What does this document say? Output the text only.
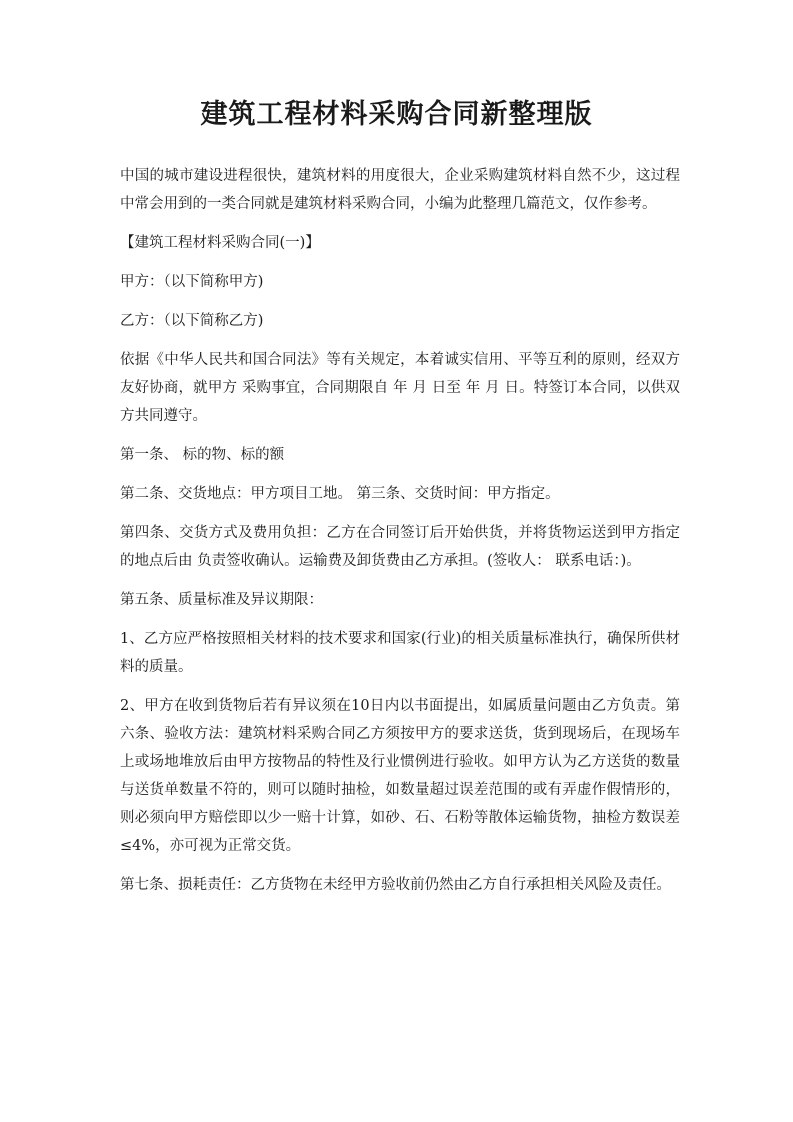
建筑工程材料采购合同新整理版

中国的城市建设进程很快，建筑材料的用度很大，企业采购建筑材料自然不少，这过程中常会用到的一类合同就是建筑材料采购合同，小编为此整理几篇范文，仅作参考。

【建筑工程材料采购合同(一)】

甲方：（以下简称甲方)

乙方：（以下简称乙方)

依据《中华人民共和国合同法》等有关规定，本着诚实信用、平等互利的原则，经双方友好协商，就甲方 采购事宜，合同期限自 年 月 日至 年 月 日。特签订本合同，以供双方共同遵守。

第一条、 标的物、标的额

第二条、交货地点：甲方项目工地。 第三条、交货时间：甲方指定。

第四条、交货方式及费用负担：乙方在合同签订后开始供货，并将货物运送到甲方指定的地点后由 负责签收确认。运输费及卸货费由乙方承担。(签收人： 联系电话：)。

第五条、质量标准及异议期限：

1、乙方应严格按照相关材料的技术要求和国家(行业)的相关质量标准执行，确保所供材料的质量。

2、甲方在收到货物后若有异议须在10日内以书面提出，如属质量问题由乙方负责。第六条、验收方法：建筑材料采购合同乙方须按甲方的要求送货，货到现场后，在现场车上或场地堆放后由甲方按物品的特性及行业惯例进行验收。如甲方认为乙方送货的数量与送货单数量不符的，则可以随时抽检，如数量超过误差范围的或有弄虚作假情形的，则必须向甲方赔偿即以少一赔十计算，如砂、石、石粉等散体运输货物，抽检方数误差≤4%，亦可视为正常交货。

第七条、损耗责任：乙方货物在未经甲方验收前仍然由乙方自行承担相关风险及责任。
